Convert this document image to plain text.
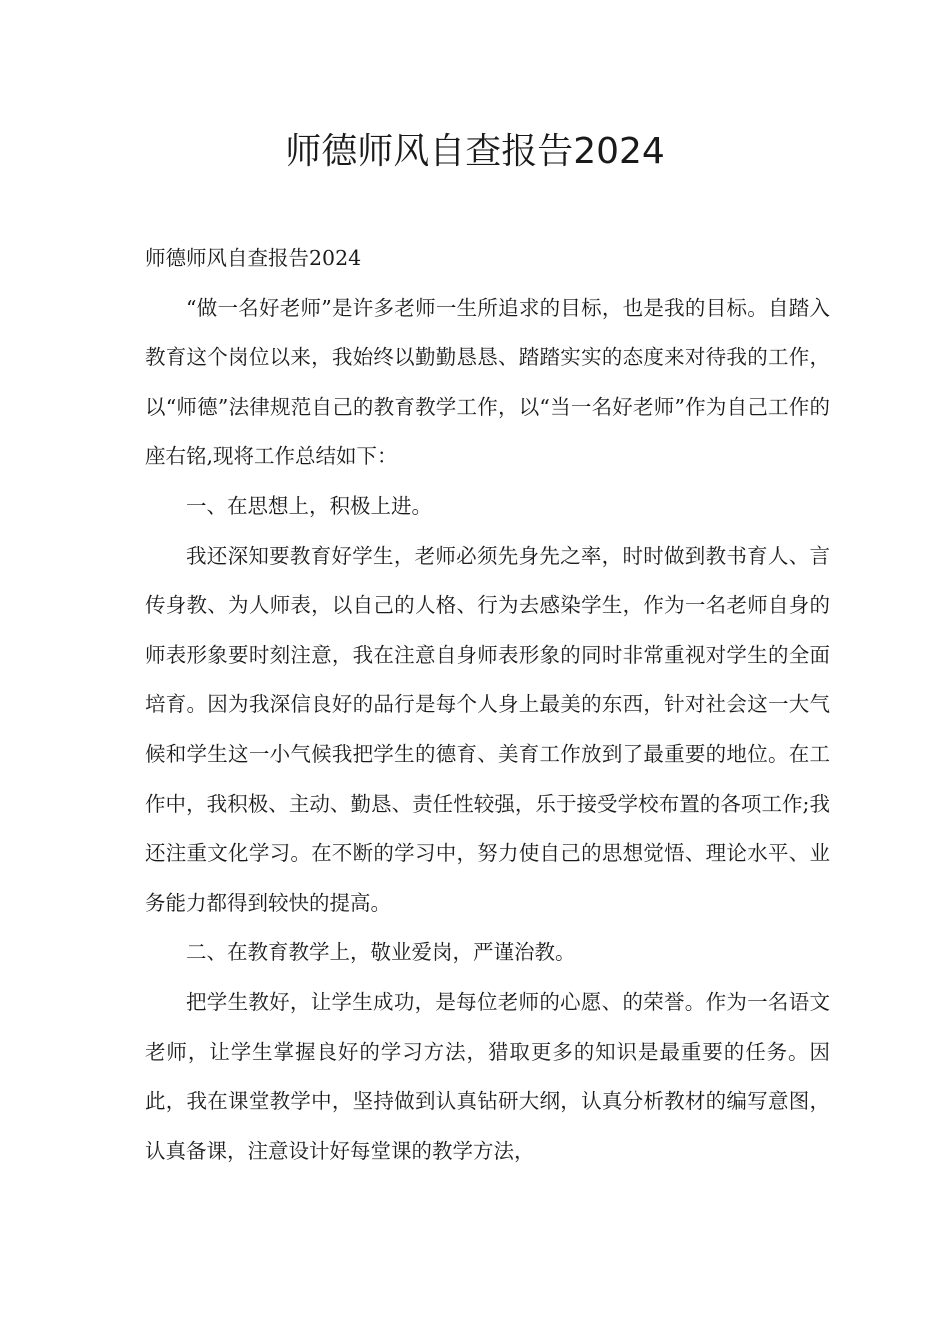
师德师风自查报告2024

师德师风自查报告2024

“做一名好老师”是许多老师一生所追求的目标，也是我的目标。自踏入教育这个岗位以来，我始终以勤勤恳恳、踏踏实实的态度来对待我的工作，以“师德”法律规范自己的教育教学工作，以“当一名好老师”作为自己工作的座右铭,现将工作总结如下：

一、在思想上，积极上进。

我还深知要教育好学生，老师必须先身先之率，时时做到教书育人、言传身教、为人师表，以自己的人格、行为去感染学生，作为一名老师自身的师表形象要时刻注意，我在注意自身师表形象的同时非常重视对学生的全面培育。因为我深信良好的品行是每个人身上最美的东西，针对社会这一大气候和学生这一小气候我把学生的德育、美育工作放到了最重要的地位。在工作中，我积极、主动、勤恳、责任性较强，乐于接受学校布置的各项工作;我还注重文化学习。在不断的学习中，努力使自己的思想觉悟、理论水平、业务能力都得到较快的提高。

二、在教育教学上，敬业爱岗，严谨治教。

把学生教好，让学生成功，是每位老师的心愿、的荣誉。作为一名语文老师，让学生掌握良好的学习方法，猎取更多的知识是最重要的任务。因此，我在课堂教学中，坚持做到认真钻研大纲，认真分析教材的编写意图，认真备课，注意设计好每堂课的教学方法，
